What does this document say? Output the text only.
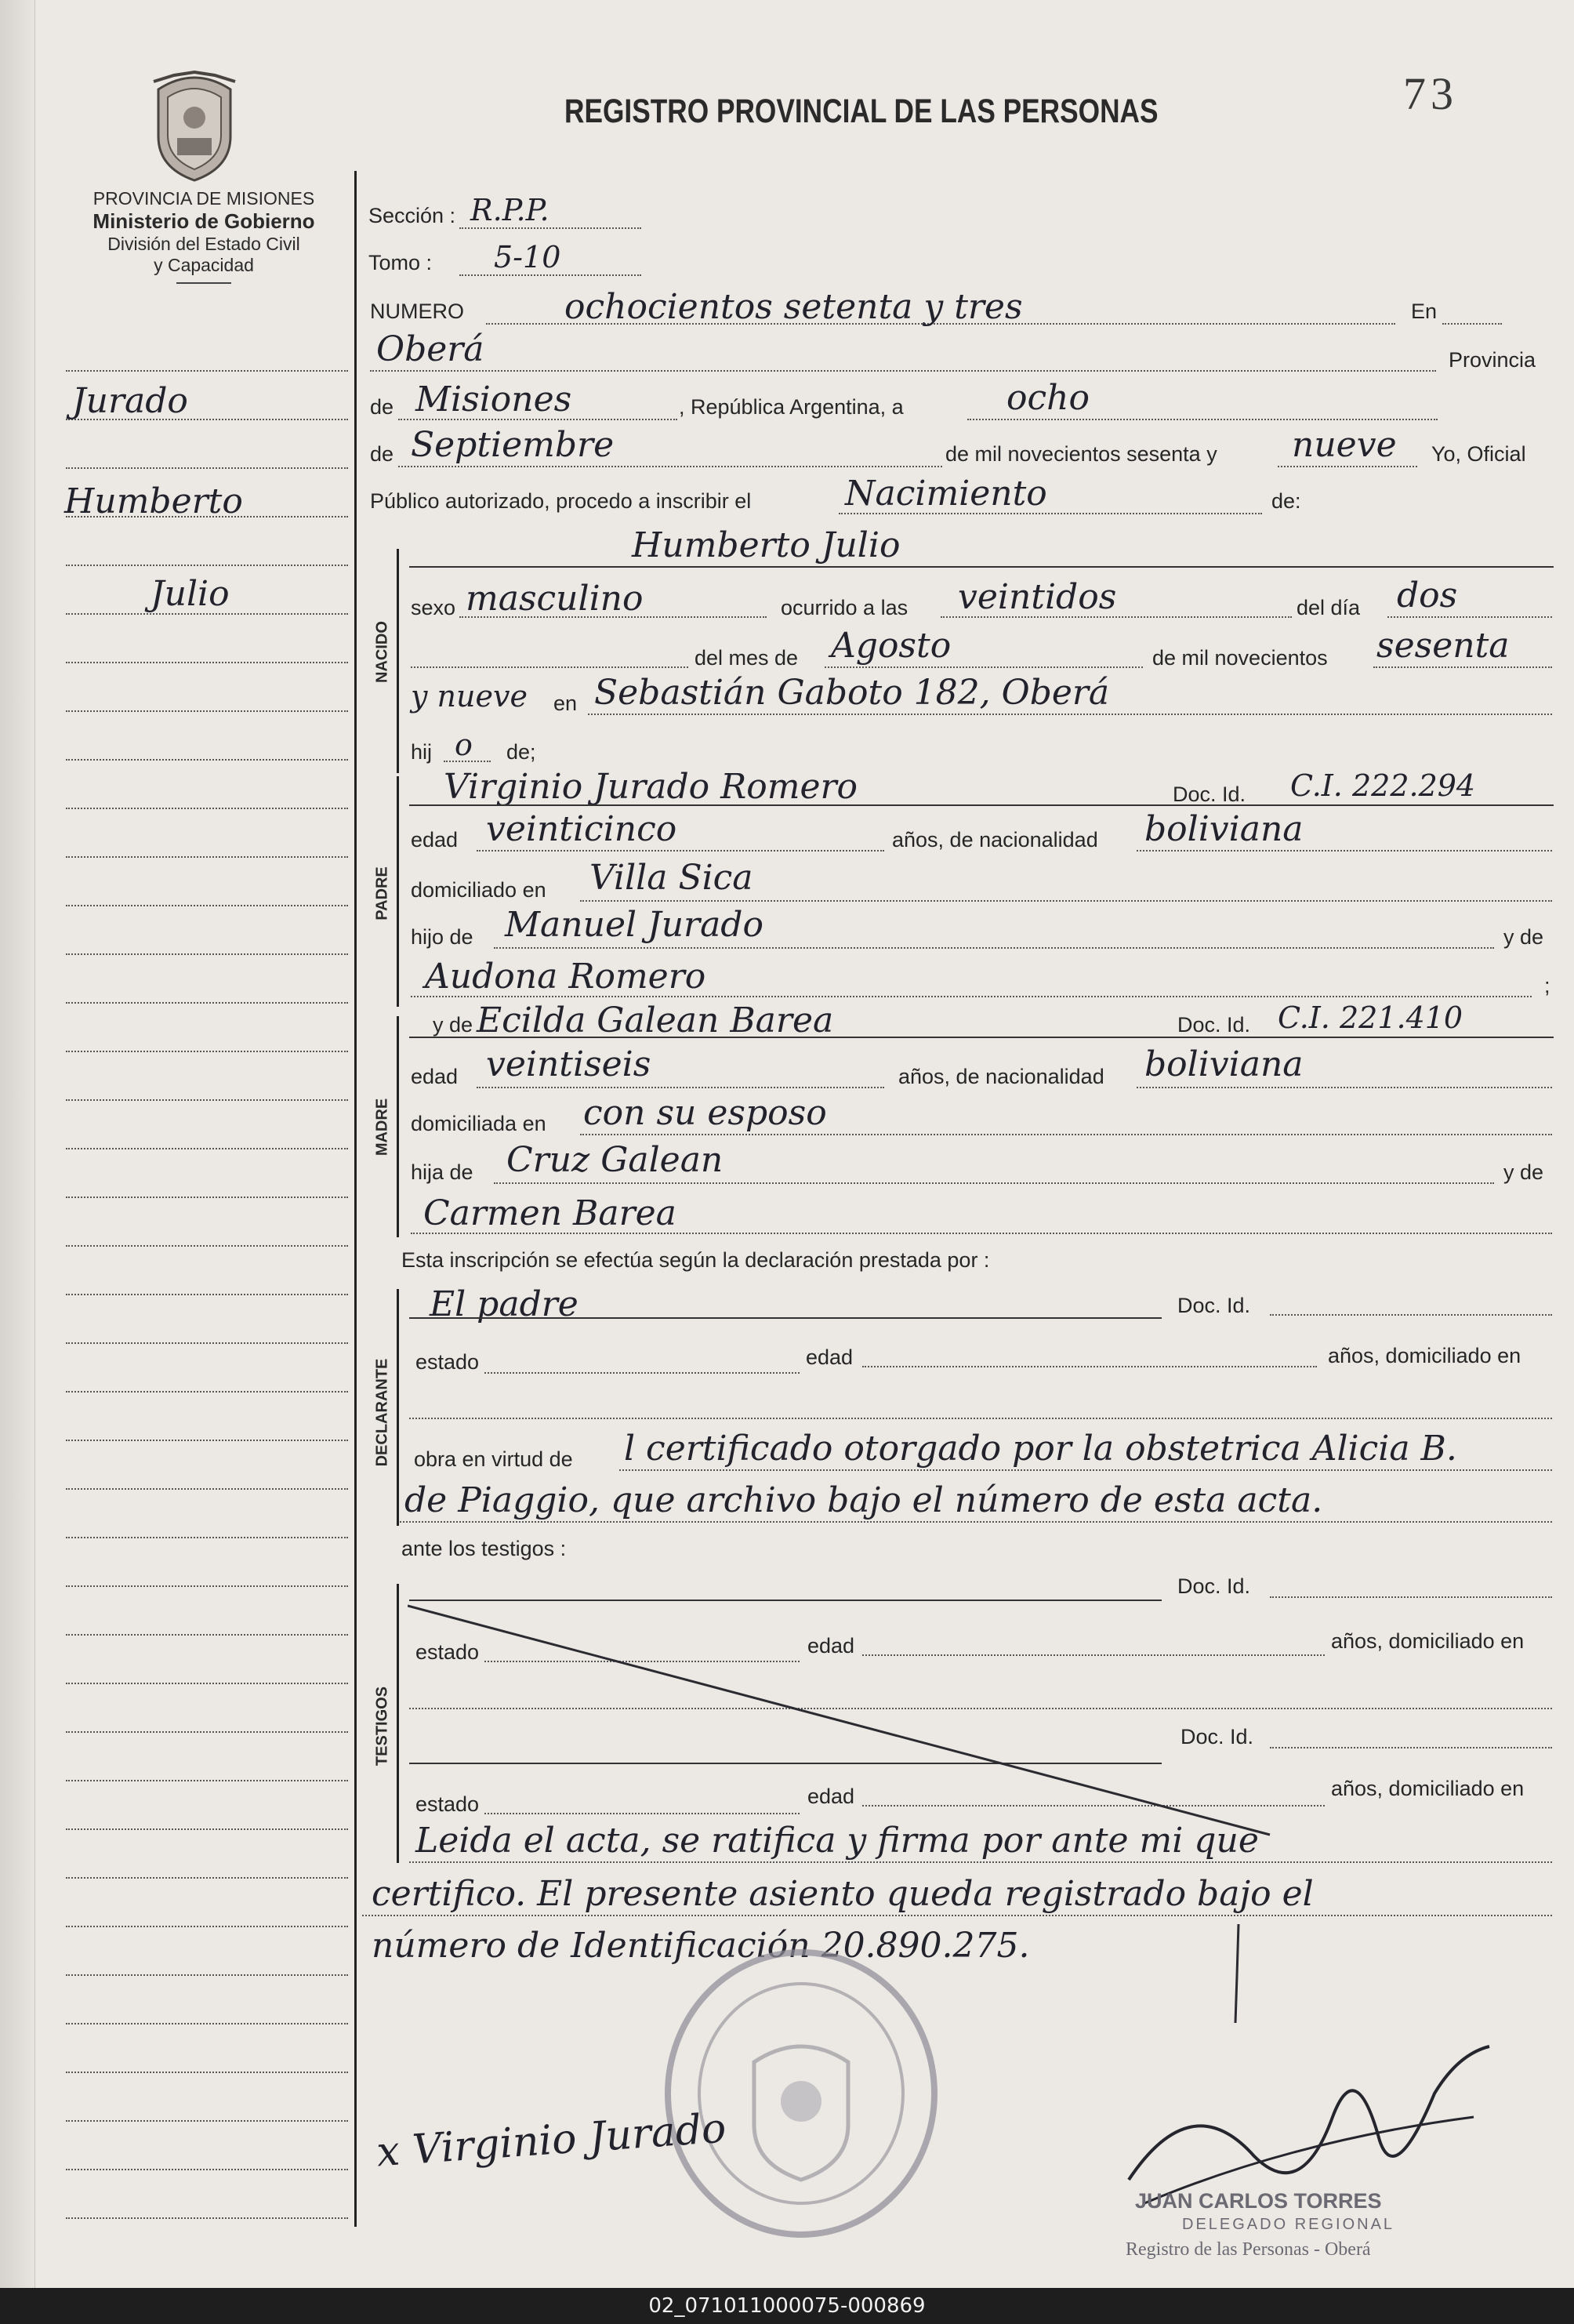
73
REGISTRO PROVINCIAL DE LAS PERSONAS
PROVINCIA DE MISIONES
Ministerio de Gobierno
División del Estado Civil
y Capacidad
Jurado
Humberto
Julio
Sección : R.P.P.
Tomo : 5-10
NUMERO	ochocientos setenta y tres	En
Oberá	Provincia
de Misiones	, República Argentina, a	ocho
de Septiembre	de mil novecientos sesenta y nueve Yo, Oficial
Público autorizado, procedo a inscribir el	Nacimiento	de:
NACIDO
Humberto Julio
sexo masculino	ocurrido a las veintidos	del día dos
del mes de Agosto	de mil novecientos sesenta
y nueve en Sebastián Gaboto 182, Oberá
hij o de;
PADRE
Virginio Jurado Romero	Doc. Id. C.I. 222.294
edad veinticinco	años, de nacionalidad boliviana
domiciliado en Villa Sica
hijo de Manuel Jurado	y de
Audona Romero	;
MADRE
y de Ecilda Galean Barea	Doc. Id. C.I. 221.410
edad veintiseis	años, de nacionalidad boliviana
domiciliada en con su esposo
hija de Cruz Galean	y de
Carmen Barea
Esta inscripción se efectúa según la declaración prestada por :
DECLARANTE
El padre	Doc. Id.
estado	edad	años, domiciliado en
obra en virtud de l certificado otorgado por la obstetrica Alicia B.
de Piaggio, que archivo bajo el número de esta acta.
ante los testigos :
TESTIGOS
Doc. Id.
estado	edad	años, domiciliado en
Doc. Id.
estado	edad	años, domiciliado en
Leida el acta, se ratifica y firma por ante mi que
certifico. El presente asiento queda registrado bajo el
número de Identificación 20.890.275.
x Virginio Jurado
JUAN CARLOS TORRES
DELEGADO REGIONAL
Registro de las Personas - Oberá
02_071011000075-000869
